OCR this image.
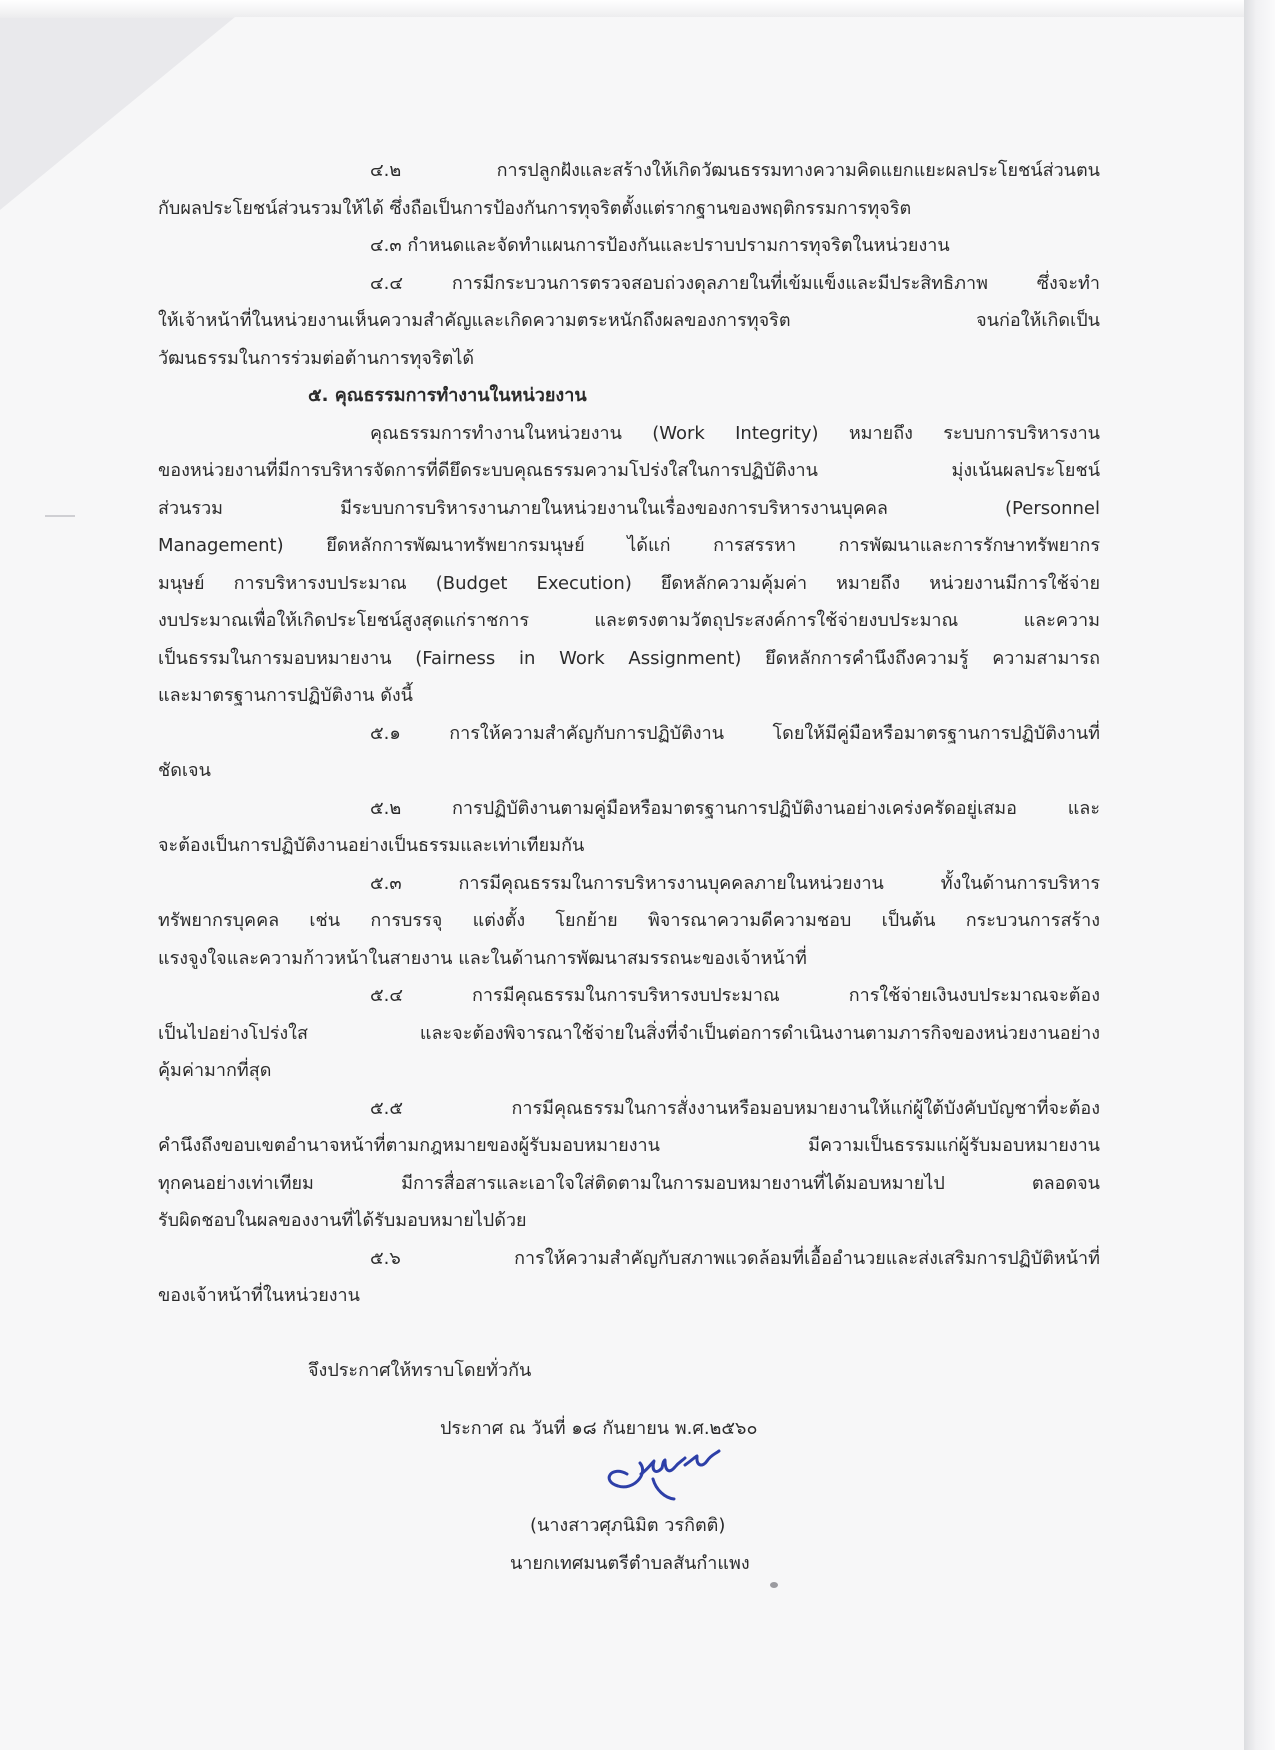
๔.๒ การปลูกฝังและสร้างให้เกิดวัฒนธรรมทางความคิดแยกแยะผลประโยชน์ส่วนตน
กับผลประโยชน์ส่วนรวมให้ได้ ซึ่งถือเป็นการป้องกันการทุจริตตั้งแต่รากฐานของพฤติกรรมการทุจริต
๔.๓ กำหนดและจัดทำแผนการป้องกันและปราบปรามการทุจริตในหน่วยงาน
๔.๔ การมีกระบวนการตรวจสอบถ่วงดุลภายในที่เข้มแข็งและมีประสิทธิภาพ ซึ่งจะทำ
ให้เจ้าหน้าที่ในหน่วยงานเห็นความสำคัญและเกิดความตระหนักถึงผลของการทุจริต จนก่อให้เกิดเป็น
วัฒนธรรมในการร่วมต่อต้านการทุจริตได้
๕. คุณธรรมการทำงานในหน่วยงาน
คุณธรรมการทำงานในหน่วยงาน (Work Integrity) หมายถึง ระบบการบริหารงาน
ของหน่วยงานที่มีการบริหารจัดการที่ดียึดระบบคุณธรรมความโปร่งใสในการปฏิบัติงาน มุ่งเน้นผลประโยชน์
ส่วนรวม มีระบบการบริหารงานภายในหน่วยงานในเรื่องของการบริหารงานบุคคล (Personnel
Management) ยึดหลักการพัฒนาทรัพยากรมนุษย์ ได้แก่ การสรรหา การพัฒนาและการรักษาทรัพยากร
มนุษย์ การบริหารงบประมาณ (Budget Execution) ยึดหลักความคุ้มค่า หมายถึง หน่วยงานมีการใช้จ่าย
งบประมาณเพื่อให้เกิดประโยชน์สูงสุดแก่ราชการ และตรงตามวัตถุประสงค์การใช้จ่ายงบประมาณ และความ
เป็นธรรมในการมอบหมายงาน (Fairness in Work Assignment) ยึดหลักการคำนึงถึงความรู้ ความสามารถ
และมาตรฐานการปฏิบัติงาน ดังนี้
๕.๑ การให้ความสำคัญกับการปฏิบัติงาน โดยให้มีคู่มือหรือมาตรฐานการปฏิบัติงานที่
ชัดเจน
๕.๒ การปฏิบัติงานตามคู่มือหรือมาตรฐานการปฏิบัติงานอย่างเคร่งครัดอยู่เสมอ และ
จะต้องเป็นการปฏิบัติงานอย่างเป็นธรรมและเท่าเทียมกัน
๕.๓ การมีคุณธรรมในการบริหารงานบุคคลภายในหน่วยงาน ทั้งในด้านการบริหาร
ทรัพยากรบุคคล เช่น การบรรจุ แต่งตั้ง โยกย้าย พิจารณาความดีความชอบ เป็นต้น กระบวนการสร้าง
แรงจูงใจและความก้าวหน้าในสายงาน และในด้านการพัฒนาสมรรถนะของเจ้าหน้าที่
๕.๔ การมีคุณธรรมในการบริหารงบประมาณ การใช้จ่ายเงินงบประมาณจะต้อง
เป็นไปอย่างโปร่งใส และจะต้องพิจารณาใช้จ่ายในสิ่งที่จำเป็นต่อการดำเนินงานตามภารกิจของหน่วยงานอย่าง
คุ้มค่ามากที่สุด
๕.๕ การมีคุณธรรมในการสั่งงานหรือมอบหมายงานให้แก่ผู้ใต้บังคับบัญชาที่จะต้อง
คำนึงถึงขอบเขตอำนาจหน้าที่ตามกฎหมายของผู้รับมอบหมายงาน มีความเป็นธรรมแก่ผู้รับมอบหมายงาน
ทุกคนอย่างเท่าเทียม มีการสื่อสารและเอาใจใส่ติดตามในการมอบหมายงานที่ได้มอบหมายไป ตลอดจน
รับผิดชอบในผลของงานที่ได้รับมอบหมายไปด้วย
๕.๖ การให้ความสำคัญกับสภาพแวดล้อมที่เอื้ออำนวยและส่งเสริมการปฏิบัติหน้าที่
ของเจ้าหน้าที่ในหน่วยงาน
จึงประกาศให้ทราบโดยทั่วกัน
ประกาศ ณ วันที่ ๑๘ กันยายน พ.ศ.๒๕๖๐
(นางสาวศุภนิมิต วรกิตติ)
นายกเทศมนตรีตำบลสันกำแพง
